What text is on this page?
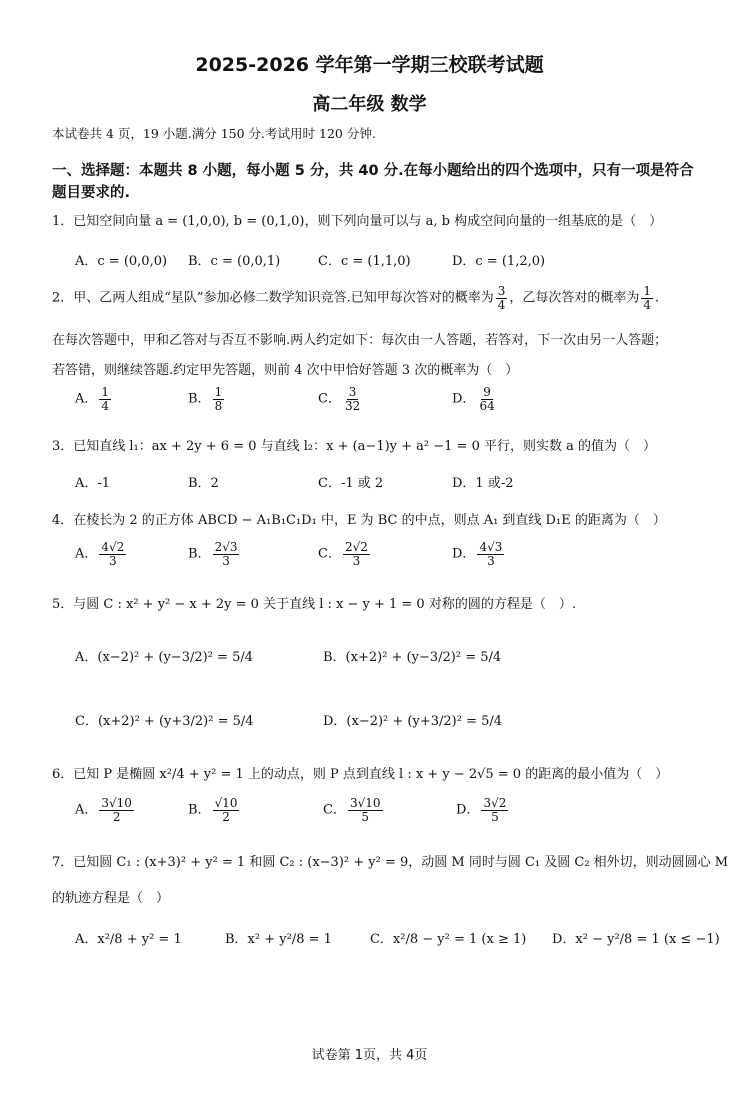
2025-2026 学年第一学期三校联考试题
高二年级 数学
本试卷共 4 页，19 小题.满分 150 分.考试用时 120 分钟.
一、选择题：本题共 8 小题，每小题 5 分，共 40 分.在每小题给出的四个选项中，只有一项是符合
题目要求的.
1．已知空间向量 a = (1,0,0), b = (0,1,0)，则下列向量可以与 a, b 构成空间向量的一组基底的是（　）
A．c = (0,0,0) B．c = (0,0,1)	C．c = (1,1,0)	D．c = (1,2,0)
2．甲、乙两人组成“星队”参加必修二数学知识竞答.已知甲每次答对的概率为 $\frac{3}{4}$ ，乙每次答对的概率为 $\frac{1}{4}$ .
在每次答题中，甲和乙答对与否互不影响.两人约定如下：每次由一人答题，若答对，下一次由另一人答题；
若答错，则继续答题.约定甲先答题，则前 4 次中甲恰好答题 3 次的概率为（　）
A． $\frac{1}{4}$	B． $\frac{1}{8}$	C． $\frac{3}{32}$	D． $\frac{9}{64}$
3．已知直线 l₁：ax + 2y + 6 = 0 与直线 l₂：x + (a−1)y + a² −1 = 0 平行，则实数 a 的值为（　）
A．-1	B．2	C．-1 或 2	D．1 或-2
4．在棱长为 2 的正方体 ABCD − A₁B₁C₁D₁ 中，E 为 BC 的中点，则点 A₁ 到直线 D₁E 的距离为（　）
A． $\frac{4√2}{3}$	B． $\frac{2√3}{3}$	C． $\frac{2√2}{3}$	D． $\frac{4√3}{3}$
5．与圆 C : x² + y² − x + 2y = 0 关于直线 l : x − y + 1 = 0 对称的圆的方程是（　）.
A．(x−2)² + (y−3/2)² = 5/4	B．(x+2)² + (y−3/2)² = 5/4
C．(x+2)² + (y+3/2)² = 5/4	D．(x−2)² + (y+3/2)² = 5/4
6．已知 P 是椭圆 x²/4 + y² = 1 上的动点，则 P 点到直线 l : x + y − 2√5 = 0 的距离的最小值为（　）
A． $\frac{3√10}{2}$	B． $\frac{√10}{2}$	C． $\frac{3√10}{5}$	D． $\frac{3√2}{5}$
7．已知圆 C₁ : (x+3)² + y² = 1 和圆 C₂ : (x−3)² + y² = 9，动圆 M 同时与圆 C₁ 及圆 C₂ 相外切，则动圆圆心 M
的轨迹方程是（　）
A．x²/8 + y² = 1	B．x² + y²/8 = 1	C．x²/8 − y² = 1 (x ≥ 1) D．x² − y²/8 = 1 (x ≤ −1)
试卷第 1页，共 4页
